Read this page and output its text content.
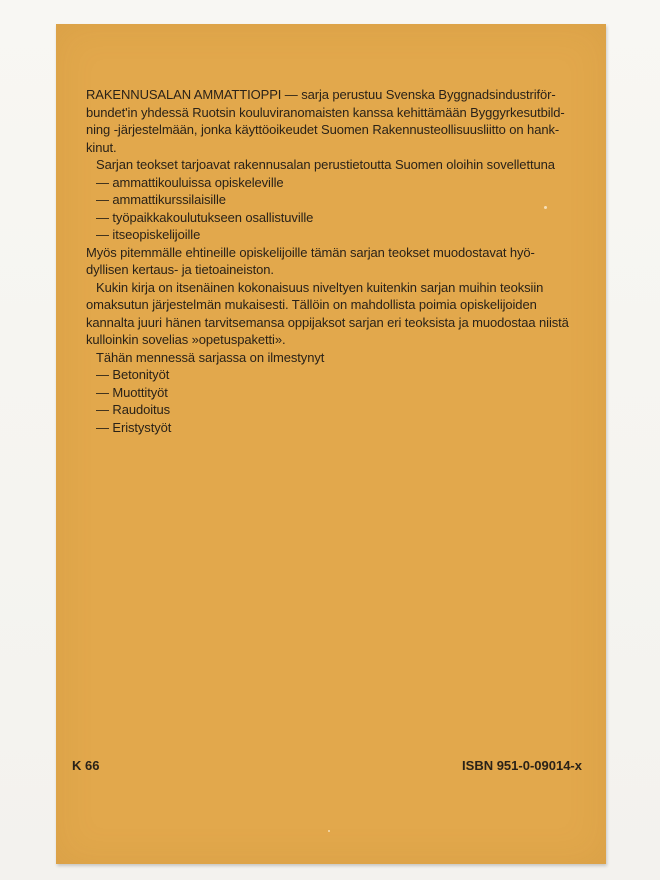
RAKENNUSALAN AMMATTIOPPI — sarja perustuu Svenska Byggnadsindustriför-
bundet'in yhdessä Ruotsin kouluviranomaisten kanssa kehittämään Byggyrkesutbild-
ning -järjestelmään, jonka käyttöoikeudet Suomen Rakennusteollisuusliitto on hank-
kinut.

Sarjan teokset tarjoavat rakennusalan perustietoutta Suomen oloihin sovellettuna

— ammattikouluissa opiskeleville

— ammattikurssilaisille

— työpaikkakoulutukseen osallistuville

— itseopiskelijoille

Myös pitemmälle ehtineille opiskelijoille tämän sarjan teokset muodostavat hyö-
dyllisen kertaus- ja tietoaineiston.

Kukin kirja on itsenäinen kokonaisuus niveltyen kuitenkin sarjan muihin teoksiin
omaksutun järjestelmän mukaisesti. Tällöin on mahdollista poimia opiskelijoiden
kannalta juuri hänen tarvitsemansa oppijaksot sarjan eri teoksista ja muodostaa niistä
kulloinkin sovelias »opetuspaketti».

Tähän mennessä sarjassa on ilmestynyt

— Betonityöt

— Muottityöt

— Raudoitus

— Eristystyöt

K 66	ISBN 951-0-09014-x
